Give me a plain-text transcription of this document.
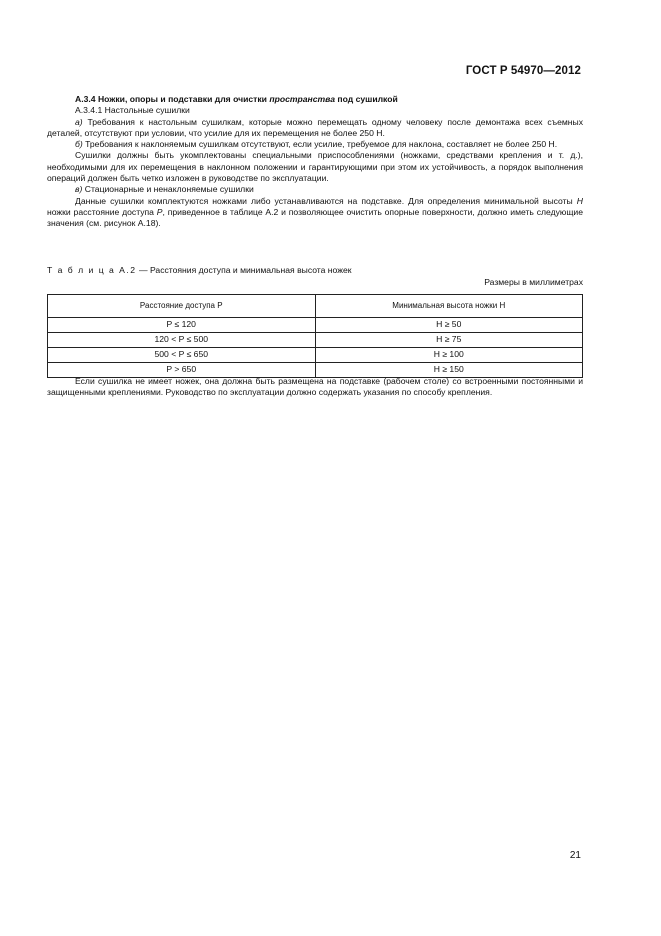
ГОСТ Р 54970—2012
А.3.4 Ножки, опоры и подставки для очистки пространства под сушилкой
А.3.4.1 Настольные сушилки
а) Требования к настольным сушилкам, которые можно перемещать одному человеку после демонтажа всех съемных деталей, отсутствуют при условии, что усилие для их перемещения не более 250 Н.
б) Требования к наклоняемым сушилкам отсутствуют, если усилие, требуемое для наклона, составляет не более 250 Н.
Сушилки должны быть укомплектованы специальными приспособлениями (ножками, средствами крепления и т. д.), необходимыми для их перемещения в наклонном положении и гарантирующими при этом их устойчивость, а порядок выполнения операций должен быть четко изложен в руководстве по эксплуатации.
в) Стационарные и ненаклоняемые сушилки
Данные сушилки комплектуются ножками либо устанавливаются на подставке. Для определения минимальной высоты H ножки расстояние доступа P, приведенное в таблице А.2 и позволяющее очистить опорные поверхности, должно иметь следующие значения (см. рисунок А.18).
Т а б л и ц а А.2 — Расстояния доступа и минимальная высота ножек
Размеры в миллиметрах
Расстояние доступа P	Минимальная высота ножки H
P ≤ 120	H ≥ 50
120 < P ≤ 500	H ≥ 75
500 < P ≤ 650	H ≥ 100
P > 650	H ≥ 150
Если сушилка не имеет ножек, она должна быть размещена на подставке (рабочем столе) со встроенными постоянными и защищенными креплениями. Руководство по эксплуатации должно содержать указания по способу крепления.
21
